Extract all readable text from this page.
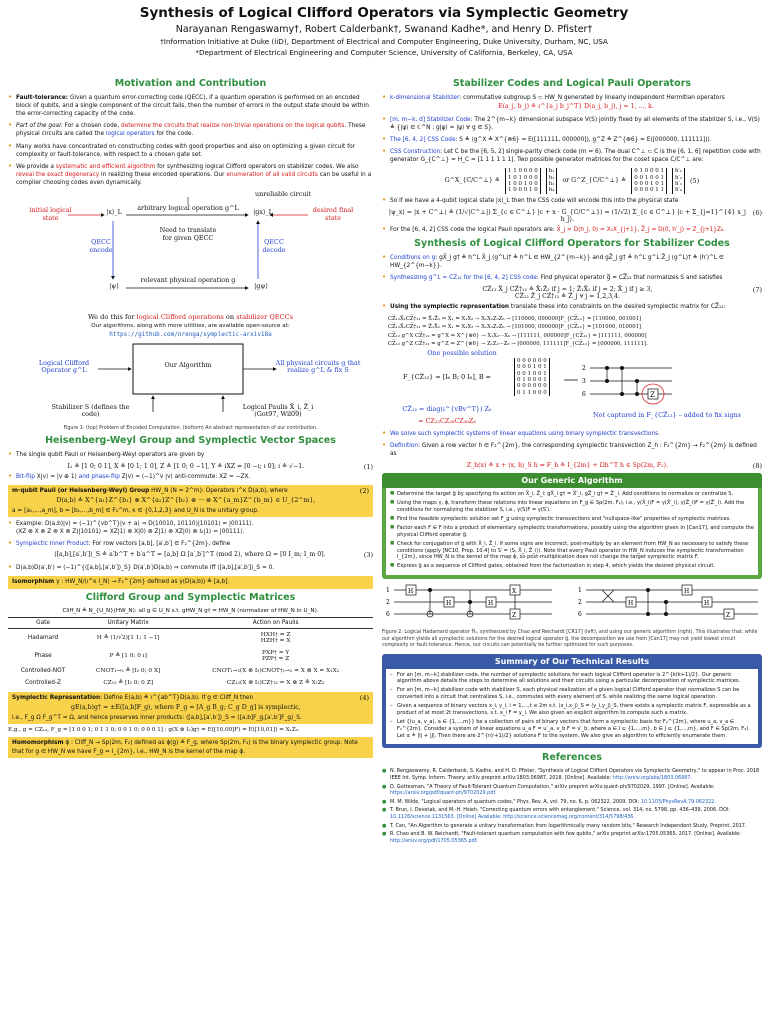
Synthesis of Logical Clifford Operators via Symplectic Geometry
Narayanan Rengaswamy†, Robert Calderbank†, Swanand Kadhe*, and Henry D. Pfister†
†Information Initiative at Duke (iiD), Department of Electrical and Computer Engineering, Duke University, Durham, NC, USA
*Department of Electrical Engineering and Computer Science, University of California, Berkeley, CA, USA
Motivation and Contribution
• Fault-tolerance: Given a quantum error-correcting code (QECC), if a quantum operation is performed on an encoded block of qubits, and a single component of the circuit fails, then the number of errors in the output state should be within the error-correcting capacity of the code.
• Part of the goal: For a chosen code, determine the circuits that realize non-trivial operations on the logical qubits. These physical circuits are called the logical operators for the code.
• Many works have concentrated on constructing codes with good properties and also on optimizing a given circuit for complexity or fault-tolerance, with respect to a chosen gate set.
• We provide a systematic and efficient algorithm for synthesizing logical Clifford operators on stabilizer codes. We also reveal the exact degeneracy in realizing these encoded operations. Our enumeration of all valid circuits can be useful in a compiler choosing codes even dynamically.
unreliable circuit
initial logical state
desired final state
|x⟩_L	|gx⟩_L
arbitrary logical operation g^L
QECC encode
QECC decode
Need to translate for given QECC
|ψ⟩	|gψ⟩
relevant physical operation g
We do this for logical Clifford operations on stabilizer QECCs
Our algorithms, along with more utilities, are available open-source at:
https://github.com/nrenga/symplectic-arxiv18a
Logical Clifford Operator g^L
Our Algorithm	All physical circuits g that realize g^L & fix S
Stabilizer S (defines the code)
Logical Paulis X̄_i, Z̄_i (Got97, Wil09)
Figure 1: (top) Problem of Encoded Computation. (bottom) An abstract representation of our contribution.
Heisenberg-Weyl Group and Symplectic Vector Spaces
• The single qubit Pauli or Heisenberg-Weyl operators are given by
(1)
I₂ ≜ [1 0; 0 1], X ≜ [0 1; 1 0], Z ≜ [1 0; 0 −1], Y ≜ ıXZ = [0 −ı; ı 0]; ı ≜ √−1.
• Bit-flip X|v⟩ = |v ⊕ 1⟩ and phase-flip Z|v⟩ = (−1)^v |v⟩ anti-commute: XZ = −ZX.
(2)
m-qubit Pauli (or Heisenberg-Weyl) Group HW_N (N = 2^m): Operators ı^κ D(a,b), where
D(a,b) ≜ X^{a₁}Z^{b₁} ⊗ X^{a₂}Z^{b₂} ⊗ ··· ⊗ X^{a_m}Z^{b_m} ∈ U_{2^m},
a = [a₁,...,a_m], b = [b₁,...,b_m] ∈ F₂^m, κ ∈ {0,1,2,3} and U_N is the unitary group.
• Example: D(a,b)|v⟩ = (−1)^{vb^T}|v + a⟩ ⇒ D(10010, 10110)|10101⟩ = |00111⟩.
(XZ ⊗ X ⊗ Z ⊗ X ⊗ Z)|10101⟩ = XZ|1⟩ ⊗ X|0⟩ ⊗ Z|1⟩ ⊗ XZ|0⟩ ⊗ I₂|1⟩ = |00111⟩.
• Symplectic Inner Product: For row vectors [a,b], [a′,b′] ∈ F₂^{2m}, define
(3)
⟨[a,b],[a′,b′]⟩_S ≜ a′b^T + b′a^T = [a,b] Ω [a′,b′]^T (mod 2), where Ω = [0 I_m; I_m 0].
• D(a,b)D(a′,b′) = (−1)^{⟨[a,b],[a′,b′]⟩_S} D(a′,b′)D(a,b) ⇒ commute iff ⟨[a,b],[a′,b′]⟩_S = 0.
Isomorphism γ : HW_N/⟨ı^κ I_N⟩ → F₂^{2m} defined as γ(D(a,b)) ≜ [a,b].
Clifford Group and Symplectic Matrices
Cliff_N ≜ N_{U_N}(HW_N): all g ∈ U_N s.t. gHW_N g† = HW_N (normalizer of HW_N in U_N).
Gate	Unitary Matrix	Action on Paulis
Hadamard	H ≜ (1/√2)[1 1; 1 −1]	HXH† = Z
HZH† = X
Phase	P ≜ [1 0; 0 ı]	PXP† = Y
PZP† = Z
Controlled-NOT	CNOT₁→₂ ≜ [I₂ 0; 0 X]	CNOT₁→₂(X ⊗ I₂)CNOT†₁→₂ = X ⊗ X = X₁X₂
Controlled-Z	CZ₁₂ ≜ [I₂ 0; 0 Z]	CZ₁₂(X ⊗ I₂)CZ†₁₂ = X ⊗ Z ≜ X₁Z₂
(4)
Symplectic Representation: Define E(a,b) ≜ ı^{ab^T}D(a,b). If g ∈ Cliff_N then
gE(a,b)g† = ±E([a,b]F_g), where F_g = [A_g B_g; C_g D_g] is symplectic,
i.e., F_g Ω F_g^T = Ω, and hence preserves inner products: ⟨[a,b],[a′,b′]⟩_S = ⟨[a,b]F_g,[a′,b′]F_g⟩_S.
E.g., g = CZ₁₂, F_g = [1 0 0 1; 0 1 1 0; 0 0 1 0; 0 0 0 1] : g(X ⊗ I₂)g† = E([10,00]F) = E([10,01]) = X₁Z₂.
Homomorphism ϕ : Cliff_N → Sp(2m, F₂) defined as ϕ(g) ≜ F_g, where Sp(2m, F₂) is the binary symplectic group. Note that for g ∈ HW_N we have F_g = I_{2m}, i.e., HW_N is the kernel of the map ϕ.
Stabilizer Codes and Logical Pauli Operators
• k-dimensional Stabilizer: commutative subgroup S ⊂ HW_N generated by linearly independent Hermitian operators
E(a_j, b_j) ≜ ı^{a_j b_j^T} D(a_j, b_j), j = 1, ..., k.
• [m, m−k, d] Stabilizer Code: The 2^{m−k} dimensional subspace V(S) jointly fixed by all elements of the stabilizer S, i.e., V(S) ≜ {|ψ⟩ ∈ ℂ^N : g|ψ⟩ = |ψ⟩ ∀ g ∈ S}.
• The [6, 4, 2] CSS Code: S ≜ ⟨g^X ≜ X^{⊗6} = E([111111, 000000]), g^Z ≜ Z^{⊗6} = E([000000, 111111])⟩.
• CSS Construction: Let C be the [6, 5, 2] single-parity check code (m = 6). The dual C^⊥ ⊂ C is the [6, 1, 6] repetition code with generator G_{C^⊥} = H_C = [1 1 1 1 1 1]. Two possible generator matrices for the coset space C/C^⊥ are:
G^X_{C/C^⊥} ≜
1 1 0 0 0 0
1 0 1 0 0 0
1 0 0 1 0 0
1 0 0 0 1 0
h₁
h₂
h₃
h₄
or G^Z_{C/C^⊥} ≜
0 1 0 0 0 1
0 0 1 0 0 1
0 0 0 1 0 1
0 0 0 0 1 1
h′₁
h′₂
h′₃
h′₄
(5)
• So if we have a 4-qubit logical state |x⟩_L then the CSS code will encode this into the physical state
(6)
|ψ_x⟩ = |x + C^⊥⟩ ≜ (1/√|C^⊥|) Σ_{c ∈ C^⊥} |c + x · G_{C/C^⊥}⟩ = (1/√2) Σ_{c ∈ C^⊥} |c + Σ_{j=1}^{4} x_j h_j⟩.
• For the [6, 4, 2] CSS code the logical Pauli operators are: X̄_j = D(h_j, 0) = X₁X_{j+1}, Z̄_j = D(0, h′_j) = Z_{j+1}Z₆.
Synthesis of Logical Clifford Operators for Stabilizer Codes
• Conditions on g: gX̄_j g† ≜ h^L X̄_j (g^L)† ≜ h^L ∈ HW_{2^{m−k}} and gZ̄_j g† ≜ h^L g^L Z̄_j (g^L)† ≜ (h′)^L ∈ HW_{2^{m−k}}.
• Synthesizing g^L = CZ₁₂ for the [6, 4, 2] CSS code: Find physical operator g̅ = CZ̅₁₂ that normalizes S and satisfies
(7)
CZ̅₁₂ X̄_j CZ̅†₁₂ ≜ X̄₁Z̄₂ if j = 1; Z̄₁X̄₂ if j = 2; X̄_j if j ≥ 3,
CZ̅₁₂ Z̄_j CZ̅†₁₂ ≜ Z̄_j ∀ j = 1,2,3,4.
• Using the symplectic representation translate these into constraints on the desired symplectic matrix for CZ̅₁₂:
CZ̅₁₂X̄₁CZ̅†₁₂ = X̄₁Z̄₂ ⇒ X₁ = X₁X₂ → X₁X₂Z₃Z₆ → [110000, 000000]F_{CZ̅₁₂} = [110000, 001001]
CZ̅₁₂X̄₂CZ̅†₁₂ = Z̄₁X̄₂ ⇒ X₁ = X₁X₃ → X₁X₃Z₂Z₆ → [101000, 000000]F_{CZ̅₁₂} = [101000, 010001]
CZ̅₁₂ g^X CZ̅†₁₂ = g^X ⇒ X^{⊗6} → X₁X₂···X₆ → [111111, 000000]F_{CZ̅₁₂} = [111111, 000000]
CZ̅₁₂ g^Z CZ̅†₁₂ = g^Z ⇒ Z^{⊗6} → Z₁Z₂···Z₆ → [000000, 111111]F_{CZ̅₁₂} = [000000, 111111].
One possible solution
F_{CZ̅₁₂} = [I₆ B; 0 I₆], B =
0 0 0 0 0 0
0 0 0 1 0 1
0 0 1 0 0 1
0 1 0 0 0 1
0 0 0 0 0 0
0 1 1 0 0 0
2
3
6	Z
CZ̅₁₂ = diag(ı^{vBv^T}) Z₆
= CZ₂₃CZ₂₆CZ₃₆Z₆
Not captured in F_{CZ̅₁₂} – added to fix signs
• We solve such symplectic systems of linear equations using binary symplectic transvections.
• Definition: Given a row vector h ∈ F₂^{2m}, the corresponding symplectic transvection Z_h : F₂^{2m} → F₂^{2m} is defined as
(8)
Z_h(x) ≜ x + ⟨x, h⟩_S h ⇒ F_h ≜ I_{2m} + Ωh^T h ∈ Sp(2m, F₂).
Our Generic Algorithm
■ Determine the target ḡ by specifying its action on X̄_i, Z̄_i: gX̄_i g† = X̄′_i, gZ̄_i g† = Z̄′_i. Add conditions to normalize or centralize S.
■ Using the maps γ, ϕ, transform these relations into linear equations on F_g ∈ Sp(2m, F₂), i.e., γ(X̄_i)F = γ(X̄′_i), γ(Z̄_i)F = γ(Z̄′_i). Add the conditions for normalizing the stabilizer S, i.e., γ(S)F = γ(S′).
■ Find the feasible symplectic solution set F_g using symplectic transvections and "nullspace-like" properties of symplectic matrices.
■ Factor each F ∈ F into a product of elementary symplectic transformations, possibly using the algorithm given in [Can17], and compute the physical Clifford operator ḡ.
■ Check for conjugation of ḡ with X̄_i, Z̄_i. If some signs are incorrect, post-multiply by an element from HW_N as necessary to satisfy these conditions (apply [NC10, Prop. 10.4] to S′ = ⟨S, X̄_i, Z̄_i⟩). Note that every Pauli operator in HW_N induces the symplectic transformation I_{2m}, since HW_N is the kernel of the map ϕ, so post-multiplication does not change the target symplectic matrix F.
■ Express ḡ as a sequence of Clifford gates, obtained from the factorization in step 4, which yields the desired physical circuit.
1
2
6
H
H	H
X
Z
1
2
6
H
H
H
Z
Figure 2: Logical Hadamard operator H̄₁, synthesized by Chao and Reichardt [CR17] (left), and using our generic algorithm (right). This illustrates that, while our algorithm yields all symplectic solutions for the desired logical operator ḡ, the decomposition we use from [Can17] may not yield lowest circuit complexity or fault-tolerance. Hence, our circuits can potentially be further optimized for such purposes.
Summary of Our Technical Results
– For an [m, m−k] stabilizer code, the number of symplectic solutions for each logical Clifford operator is 2^{k(k+1)/2}. Our generic algorithm above details the steps to determine all solutions and their circuits using a particular decomposition of symplectic matrices.
– For an [m, m−k] stabilizer code with stabilizer S, each physical realization of a given logical Clifford operator that normalizes S can be converted into a circuit that centralizes S, i.e., commutes with every element of S, while realizing the same logical operation.
– Given a sequence of binary vectors x_i, y_i, i = 1,...,t ≤ 2m s.t. ⟨x_i,x_j⟩_S = ⟨y_i,y_j⟩_S, there exists a symplectic matrix F, expressible as a product of at most 2t transvections, s.t. x_i F = y_i. We also given an explicit algorithm to compute such a matrix.
– Let {(u_a, v_a), a ∈ {1,...,m}} be a collection of pairs of binary vectors that form a symplectic basis for F₂^{2m}, where u_a, v_a ∈ F₂^{2m}. Consider a system of linear equations u_a F = u′_a, v_b F = v′_b, where a ∈ I ⊆ {1,...,m}, b ∈ J ⊆ {1,...,m}, and F ∈ Sp(2m, F₂). Let α ≜ |I| + |J|. Then there are 2^{r(r+1)/2} solutions F to the system. We also give an algorithm to efficiently enumerate them.
References
● N. Rengaswamy, R. Calderbank, S. Kadhe, and H. D. Pfister, "Synthesis of Logical Clifford Operators via Symplectic Geometry," to appear in Proc. 2018 IEEE Int. Symp. Inform. Theory. arXiv preprint arXiv:1803.06987, 2018. [Online]. Available: http://arxiv.org/abs/1803.06987.
● D. Gottesman, "A Theory of Fault-Tolerant Quantum Computation," arXiv preprint arXiv:quant-ph/9702029, 1997. [Online]. Available: https://arxiv.org/pdf/quant-ph/9702029.pdf.
● M. M. Wilde, "Logical operators of quantum codes," Phys. Rev. A, vol. 79, no. 6, p. 062322, 2009. DOI: 10.1103/PhysRevA.79.062322.
● T. Brun, I. Devetak, and M.-H. Hsieh, "Correcting quantum errors with entanglement," Science, vol. 314, no. 5798, pp. 436–439, 2006. DOI: 10.1126/science.1131563. [Online] Available: http://science.sciencemag.org/content/314/5798/436.
● T. Can, "An Algorithm to generate a unitary transformation from logarithmically many random bits," Research Independent Study, Preprint, 2017.
● R. Chao and B. W. Reichardt, "Fault-tolerant quantum computation with few qubits," arXiv preprint arXiv:1705.05365, 2017. [Online]. Available: http://arxiv.org/pdf/1705.05365.pdf.
